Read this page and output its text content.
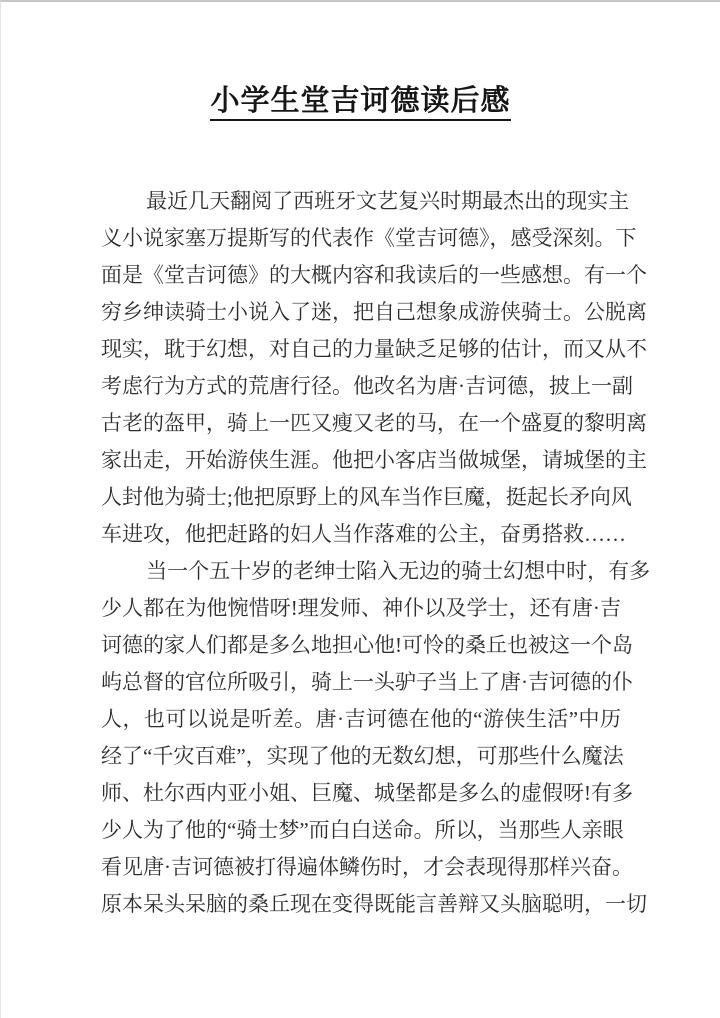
小学生堂吉诃德读后感
最近几天翻阅了西班牙文艺复兴时期最杰出的现实主
义小说家塞万提斯写的代表作《堂吉诃德》，感受深刻。下
面是《堂吉诃德》的大概内容和我读后的一些感想。有一个
穷乡绅读骑士小说入了迷，把自己想象成游侠骑士。公脱离
现实，耽于幻想，对自己的力量缺乏足够的估计，而又从不
考虑行为方式的荒唐行径。他改名为唐·吉诃德，披上一副
古老的盔甲，骑上一匹又瘦又老的马，在一个盛夏的黎明离
家出走，开始游侠生涯。他把小客店当做城堡，请城堡的主
人封他为骑士;他把原野上的风车当作巨魔，挺起长矛向风
车进攻，他把赶路的妇人当作落难的公主，奋勇搭救……
当一个五十岁的老绅士陷入无边的骑士幻想中时，有多
少人都在为他惋惜呀!理发师、神仆以及学士，还有唐·吉
诃德的家人们都是多么地担心他!可怜的桑丘也被这一个岛
屿总督的官位所吸引，骑上一头驴子当上了唐·吉诃德的仆
人，也可以说是听差。唐·吉诃德在他的“游侠生活”中历
经了“千灾百难”，实现了他的无数幻想，可那些什么魔法
师、杜尔西内亚小姐、巨魔、城堡都是多么的虚假呀!有多
少人为了他的“骑士梦”而白白送命。所以，当那些人亲眼
看见唐·吉诃德被打得遍体鳞伤时，才会表现得那样兴奋。
原本呆头呆脑的桑丘现在变得既能言善辩又头脑聪明，一切
